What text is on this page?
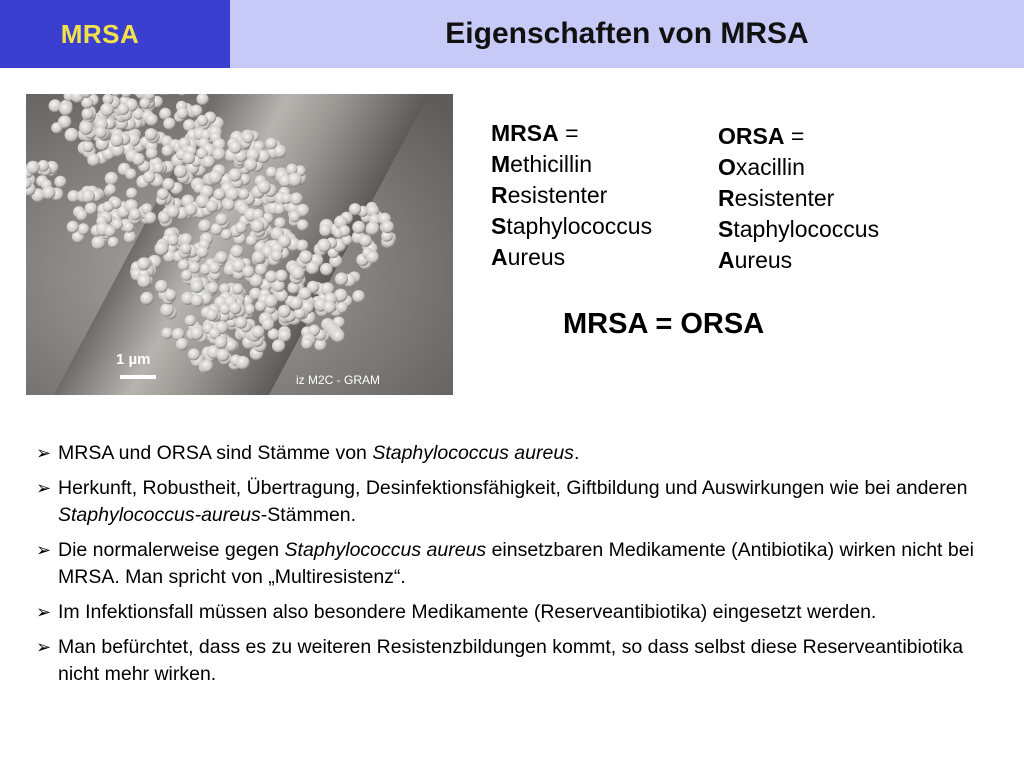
MRSA	Eigenschaften von MRSA
1 µm
iz M2C - GRAM
MRSA =
Methicillin
Resistenter
Staphylococcus
Aureus
ORSA =
Oxacillin
Resistenter
Staphylococcus
Aureus
MRSA = ORSA
➢ MRSA und ORSA sind Stämme von Staphylococcus aureus.
➢ Herkunft, Robustheit, Übertragung, Desinfektionsfähigkeit, Giftbildung und Auswirkungen wie bei anderen Staphylococcus-aureus-Stämmen.
➢ Die normalerweise gegen Staphylococcus aureus einsetzbaren Medikamente (Antibiotika) wirken nicht bei MRSA. Man spricht von „Multiresistenz“.
➢ Im Infektionsfall müssen also besondere Medikamente (Reserveantibiotika) eingesetzt werden.
➢ Man befürchtet, dass es zu weiteren Resistenzbildungen kommt, so dass selbst diese Reserveantibiotika nicht mehr wirken.
